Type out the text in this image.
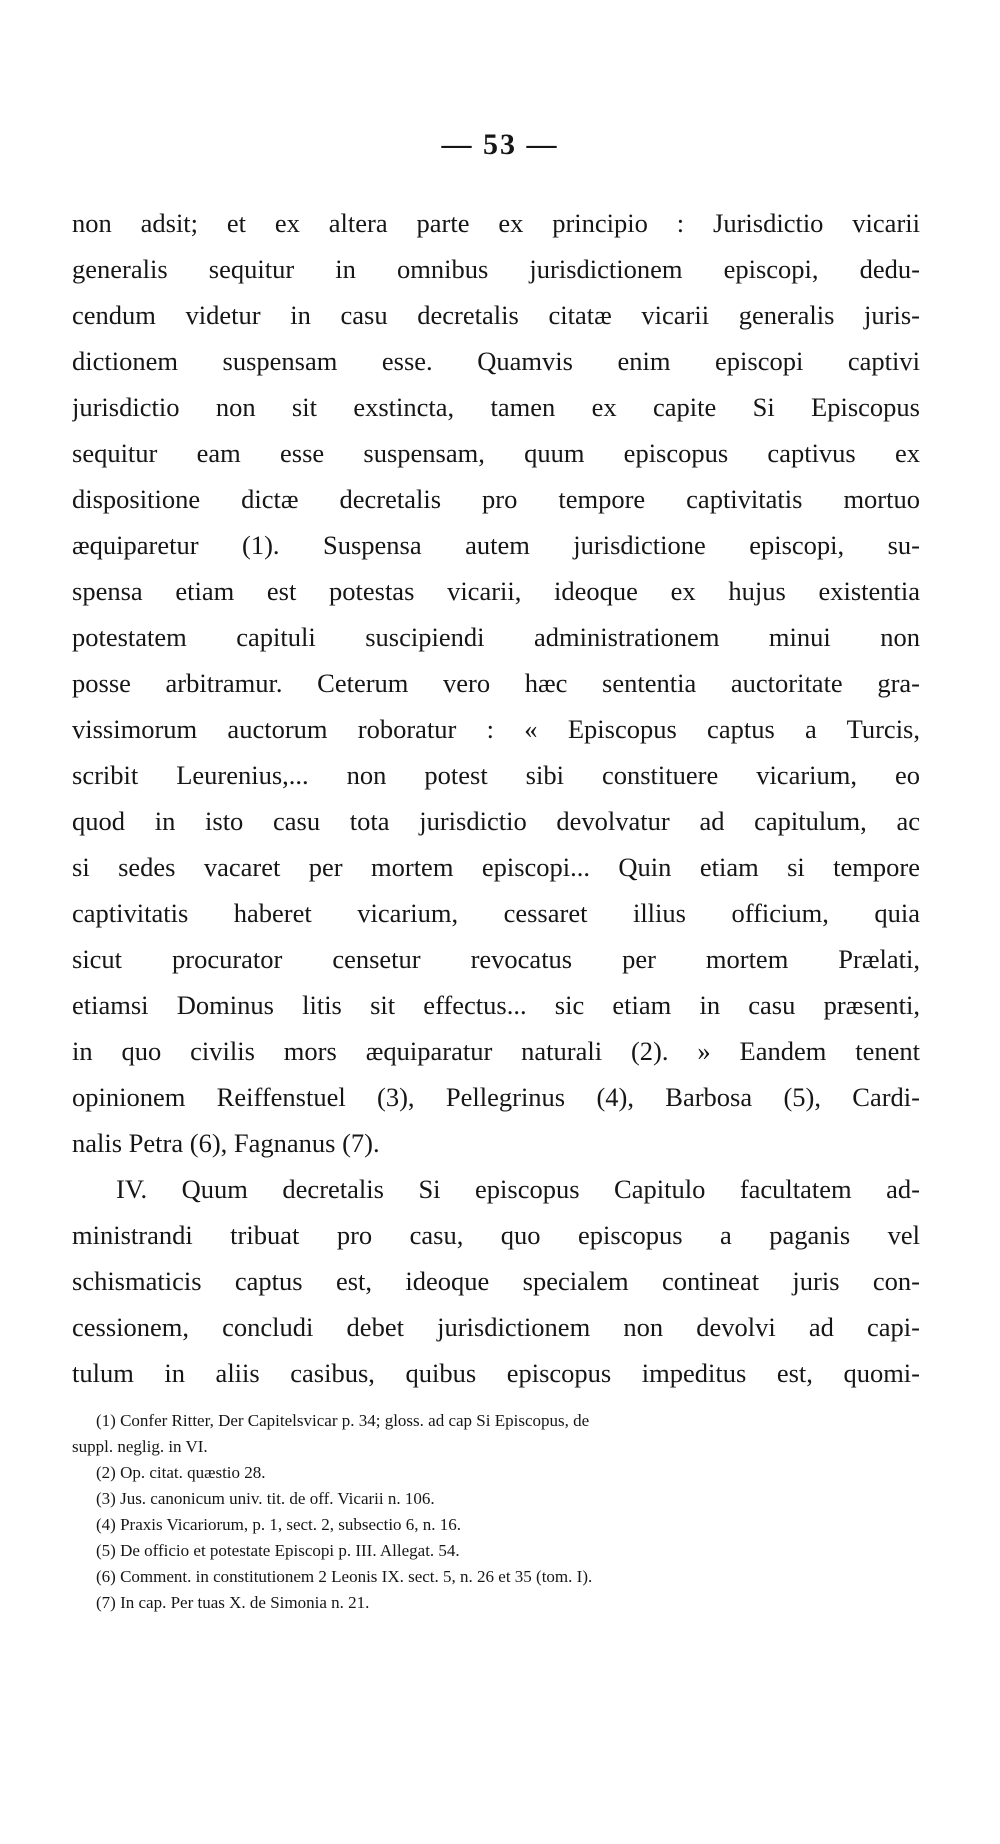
— 53 —
non adsit; et ex altera parte ex principio : Jurisdictio vicarii
generalis sequitur in omnibus jurisdictionem episcopi, dedu-
cendum videtur in casu decretalis citatæ vicarii generalis juris-
dictionem suspensam esse. Quamvis enim episcopi captivi
jurisdictio non sit exstincta, tamen ex capite Si Episcopus
sequitur eam esse suspensam, quum episcopus captivus ex
dispositione dictæ decretalis pro tempore captivitatis mortuo
æquiparetur (1). Suspensa autem jurisdictione episcopi, su-
spensa etiam est potestas vicarii, ideoque ex hujus existentia
potestatem capituli suscipiendi administrationem minui non
posse arbitramur. Ceterum vero hæc sententia auctoritate gra-
vissimorum auctorum roboratur : « Episcopus captus a Turcis,
scribit Leurenius,... non potest sibi constituere vicarium, eo
quod in isto casu tota jurisdictio devolvatur ad capitulum, ac
si sedes vacaret per mortem episcopi... Quin etiam si tempore
captivitatis haberet vicarium, cessaret illius officium, quia
sicut procurator censetur revocatus per mortem Prælati,
etiamsi Dominus litis sit effectus... sic etiam in casu præsenti,
in quo civilis mors æquiparatur naturali (2). » Eandem tenent
opinionem Reiffenstuel (3), Pellegrinus (4), Barbosa (5), Cardi-
nalis Petra (6), Fagnanus (7).
IV. Quum decretalis Si episcopus Capitulo facultatem ad-
ministrandi tribuat pro casu, quo episcopus a paganis vel
schismaticis captus est, ideoque specialem contineat juris con-
cessionem, concludi debet jurisdictionem non devolvi ad capi-
tulum in aliis casibus, quibus episcopus impeditus est, quomi-
(1) Confer Ritter, Der Capitelsvicar p. 34; gloss. ad cap Si Episcopus, de
suppl. neglig. in VI.
(2) Op. citat. quæstio 28.
(3) Jus. canonicum univ. tit. de off. Vicarii n. 106.
(4) Praxis Vicariorum, p. 1, sect. 2, subsectio 6, n. 16.
(5) De officio et potestate Episcopi p. III. Allegat. 54.
(6) Comment. in constitutionem 2 Leonis IX. sect. 5, n. 26 et 35 (tom. I).
(7) In cap. Per tuas X. de Simonia n. 21.
